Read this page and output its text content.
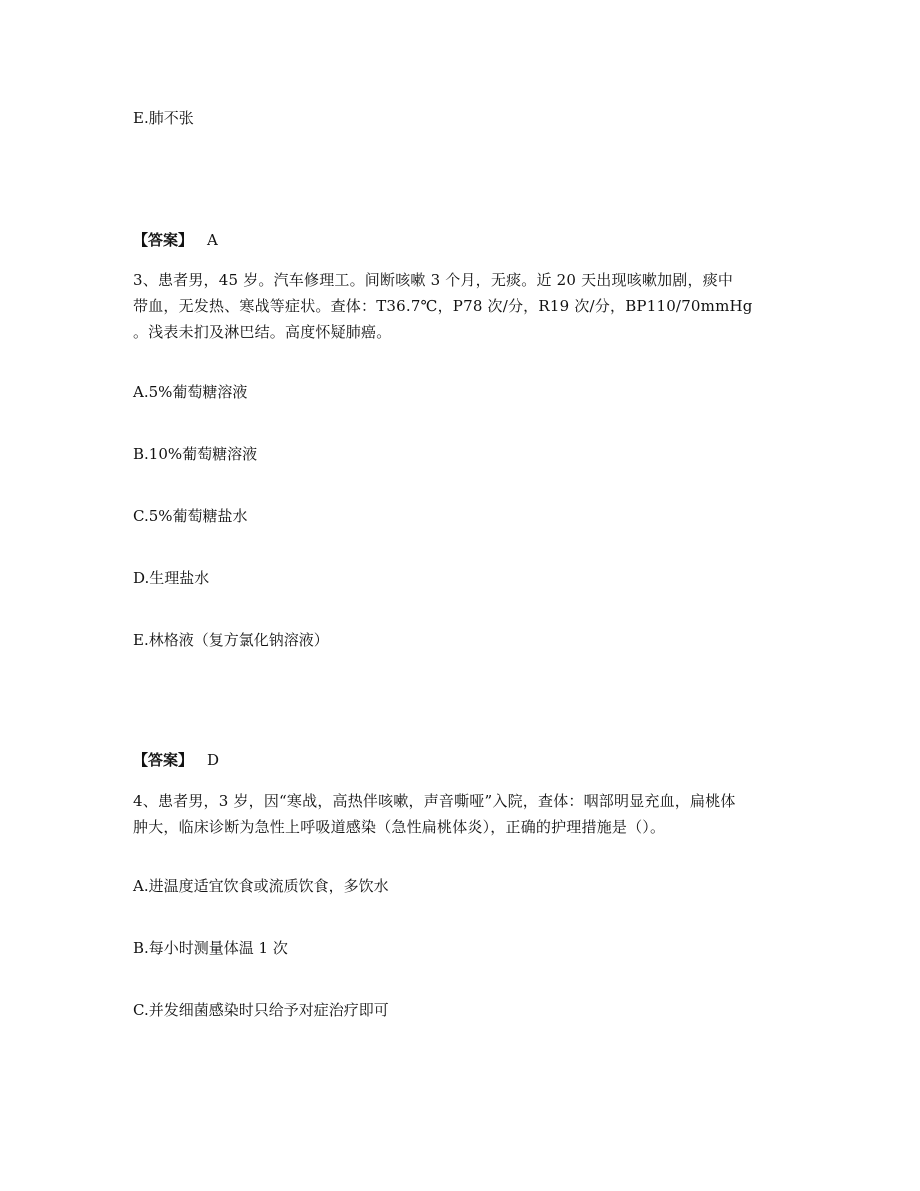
E.肺不张

【答案】 A

3、患者男，45 岁。汽车修理工。间断咳嗽 3 个月，无痰。近 20 天出现咳嗽加剧，痰中

带血，无发热、寒战等症状。查体：T36.7℃，P78 次/分，R19 次/分，BP110/70mmHg

。浅表未扪及淋巴结。高度怀疑肺癌。

A.5%葡萄糖溶液

B.10%葡萄糖溶液

C.5%葡萄糖盐水

D.生理盐水

E.林格液（复方氯化钠溶液）

【答案】 D

4、患者男，3 岁，因“寒战，高热伴咳嗽，声音嘶哑”入院，查体：咽部明显充血，扁桃体

肿大，临床诊断为急性上呼吸道感染（急性扁桃体炎），正确的护理措施是（）。

A.进温度适宜饮食或流质饮食，多饮水

B.每小时测量体温 1 次

C.并发细菌感染时只给予对症治疗即可
